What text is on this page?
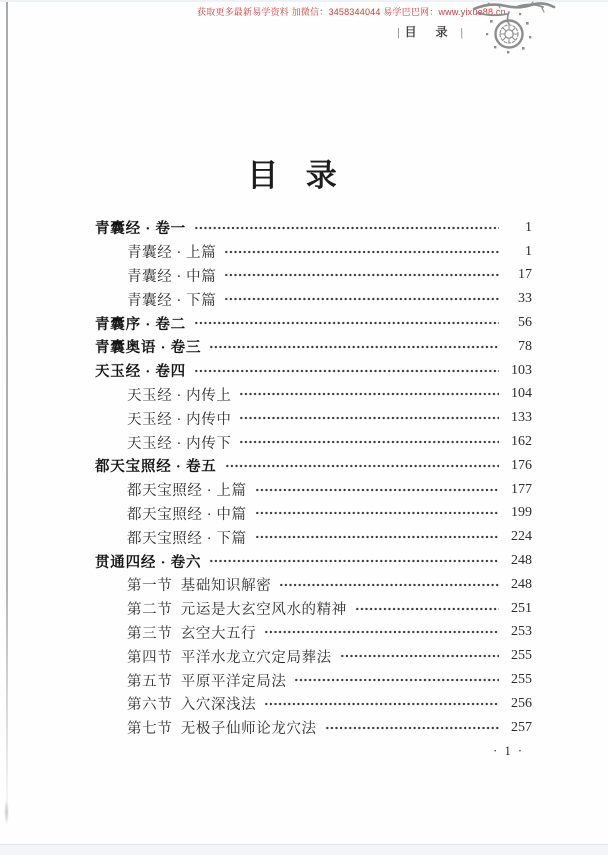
获取更多最新易学资料 加微信：3458344044 易学巴巴网：www.yixue88.cn
| 目 录 |
目  录
青囊经 · 卷一	1
青囊经 · 上篇	1
青囊经 · 中篇	17
青囊经 · 下篇	33
青囊序 · 卷二	56
青囊奥语 · 卷三	78
天玉经 · 卷四	103
天玉经 · 内传上	104
天玉经 · 内传中	133
天玉经 · 内传下	162
都天宝照经 · 卷五	176
都天宝照经 · 上篇	177
都天宝照经 · 中篇	199
都天宝照经 · 下篇	224
贯通四经 · 卷六	248
第一节  基础知识解密	248
第二节  元运是大玄空风水的精神	251
第三节  玄空大五行	253
第四节  平洋水龙立穴定局葬法	255
第五节  平原平洋定局法	255
第六节  入穴深浅法	256
第七节  无极子仙师论龙穴法	257
· 1 ·
